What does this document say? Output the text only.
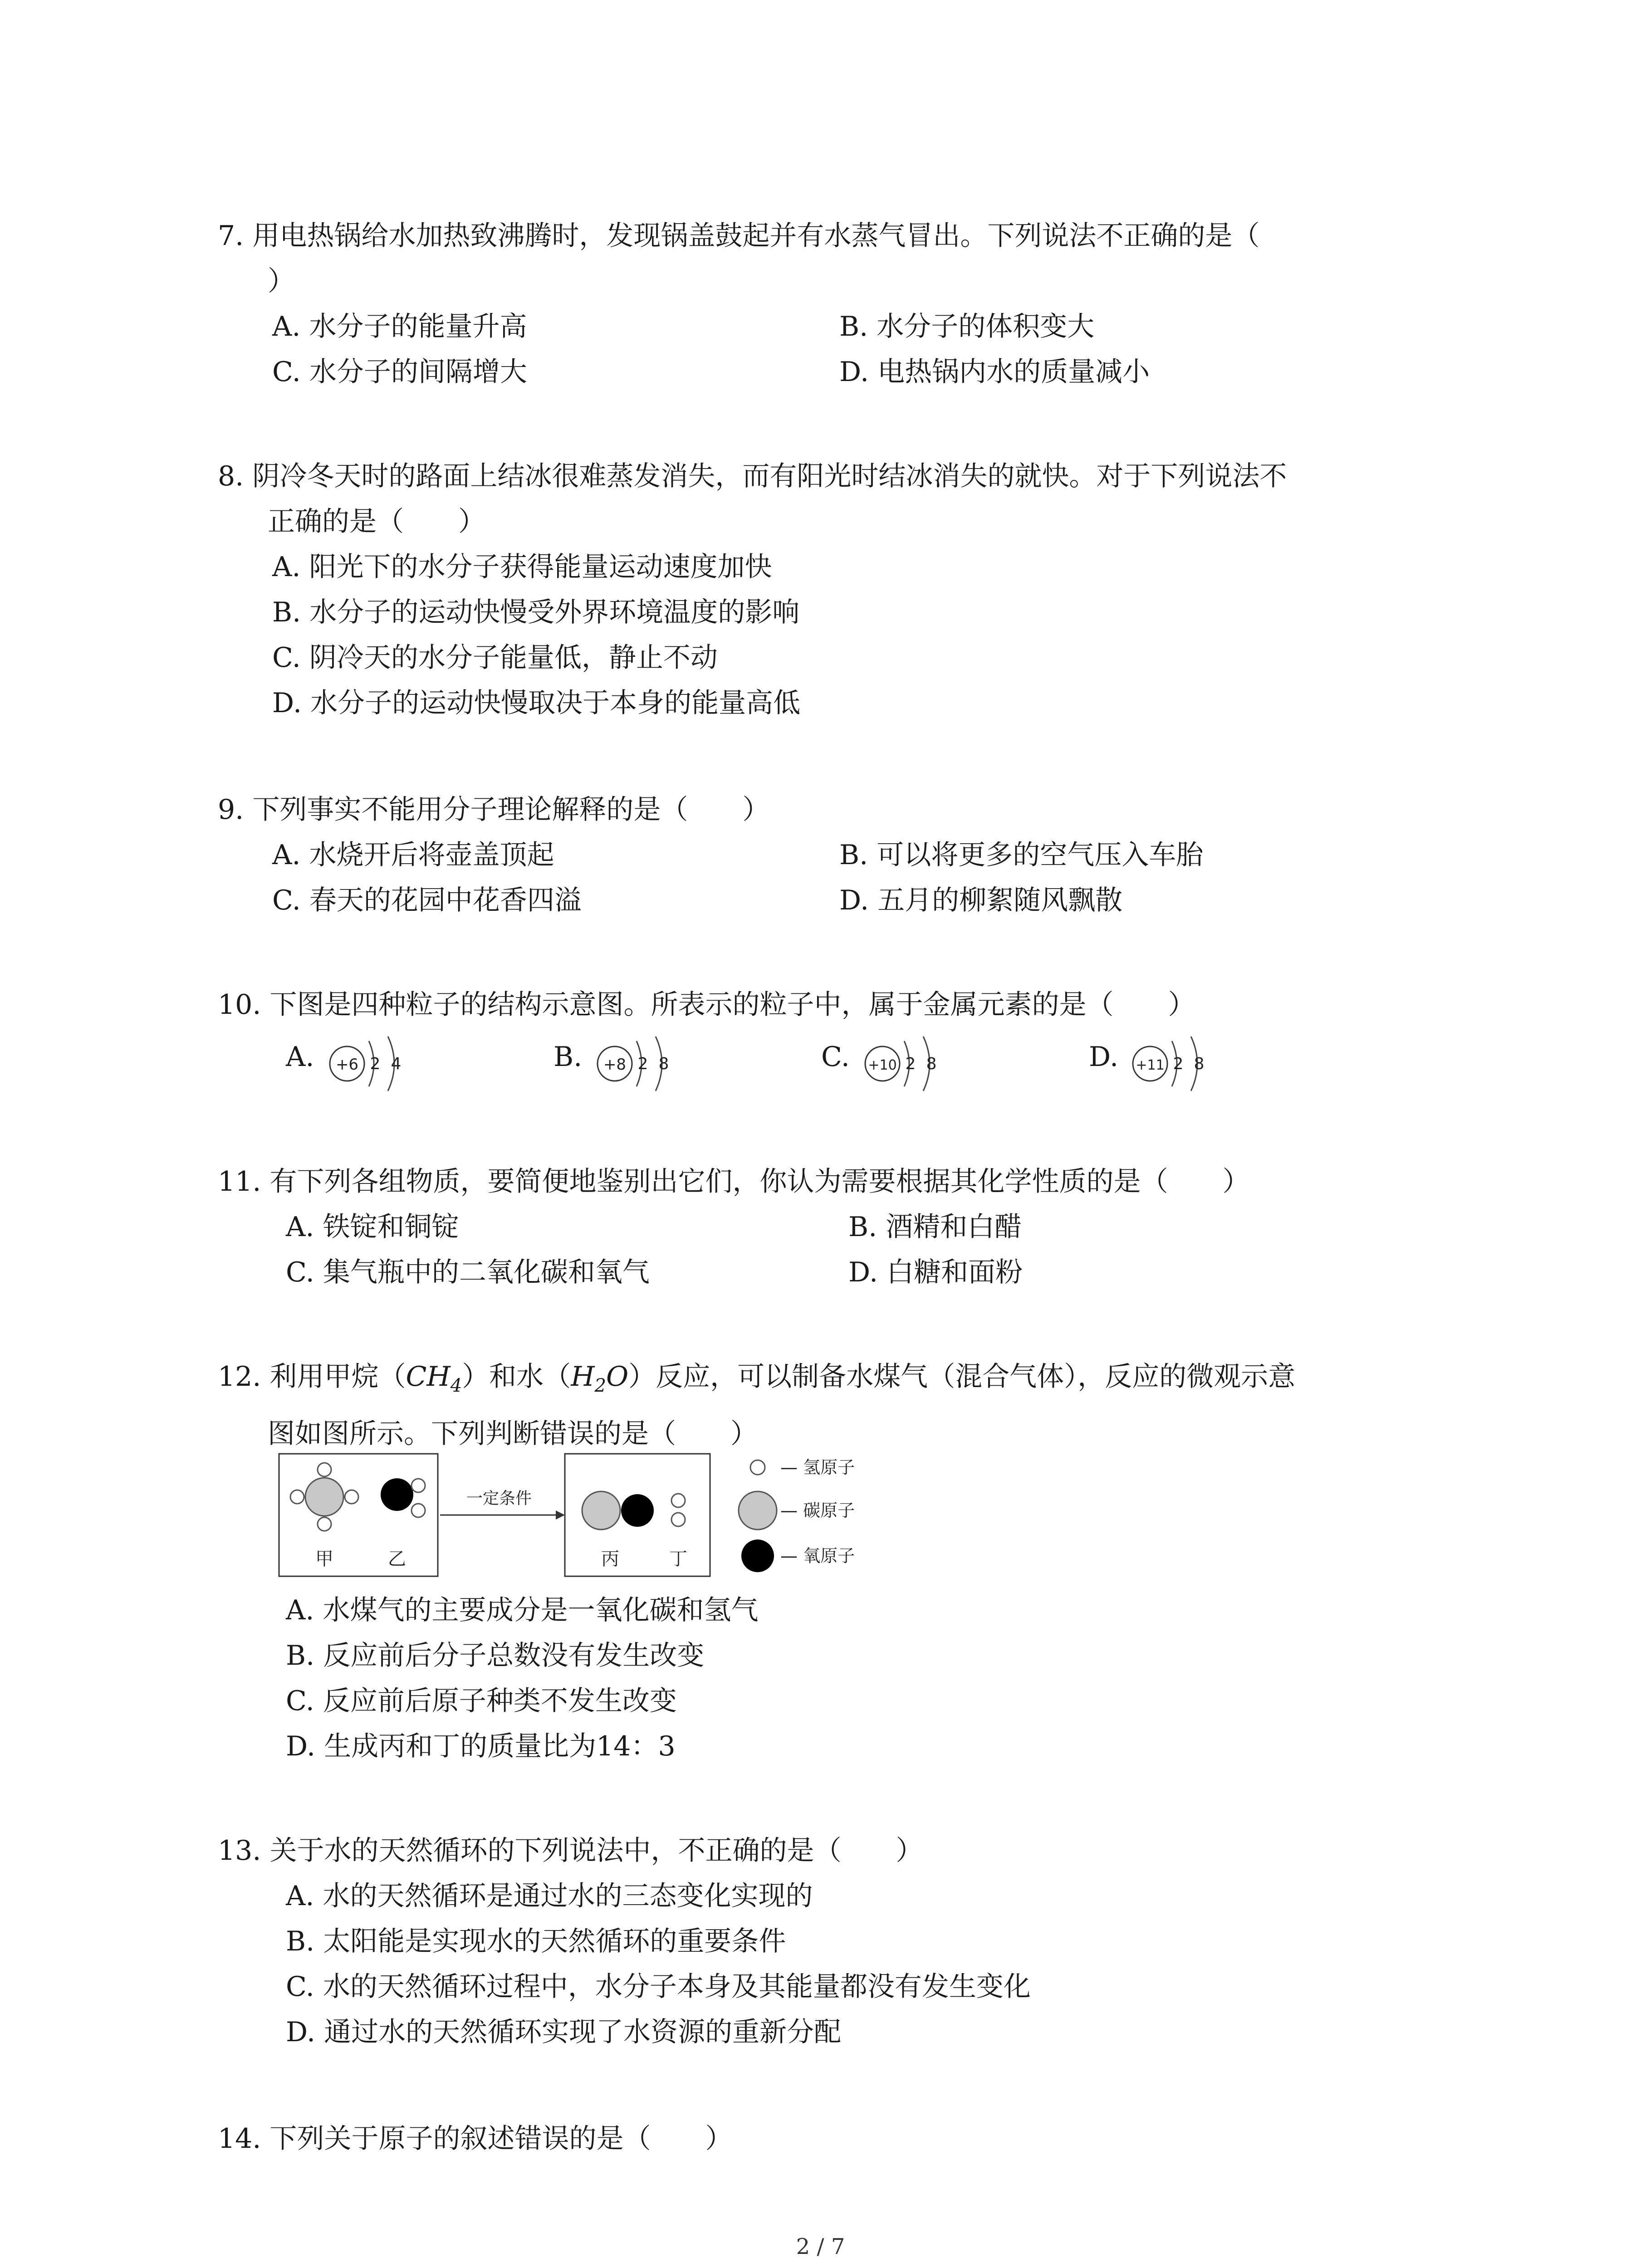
7. 用电热锅给水加热致沸腾时，发现锅盖鼓起并有水蒸气冒出。下列说法不正确的是（
）
A. 水分子的能量升高	B. 水分子的体积变大
C. 水分子的间隔增大	D. 电热锅内水的质量减小
8. 阴冷冬天时的路面上结冰很难蒸发消失，而有阳光时结冰消失的就快。对于下列说法不
正确的是（　　）
A. 阳光下的水分子获得能量运动速度加快
B. 水分子的运动快慢受外界环境温度的影响
C. 阴冷天的水分子能量低，静止不动
D. 水分子的运动快慢取决于本身的能量高低
9. 下列事实不能用分子理论解释的是（　　）
A. 水烧开后将壶盖顶起	B. 可以将更多的空气压入车胎
C. 春天的花园中花香四溢	D. 五月的柳絮随风飘散
10. 下图是四种粒子的结构示意图。所表示的粒子中，属于金属元素的是（　　）
A. +6 2 4	B. +8 2 8	C. +10 2 8	D. +11 2 8
11. 有下列各组物质，要简便地鉴别出它们，你认为需要根据其化学性质的是（　　）
A. 铁锭和铜锭	B. 酒精和白醋
C. 集气瓶中的二氧化碳和氧气	D. 白糖和面粉
12. 利用甲烷$(CH_4)$和水$(H_2O)$反应，可以制备水煤气（混合气体），反应的微观示意
图如图所示。下列判断错误的是（　　）
甲	乙
一定条件
丙	丁
— 氢原子
— 碳原子
— 氧原子
A. 水煤气的主要成分是一氧化碳和氢气
B. 反应前后分子总数没有发生改变
C. 反应前后原子种类不发生改变
D. 生成丙和丁的质量比为14：3
13. 关于水的天然循环的下列说法中，不正确的是（　　）
A. 水的天然循环是通过水的三态变化实现的
B. 太阳能是实现水的天然循环的重要条件
C. 水的天然循环过程中，水分子本身及其能量都没有发生变化
D. 通过水的天然循环实现了水资源的重新分配
14. 下列关于原子的叙述错误的是（　　）
2 / 7
